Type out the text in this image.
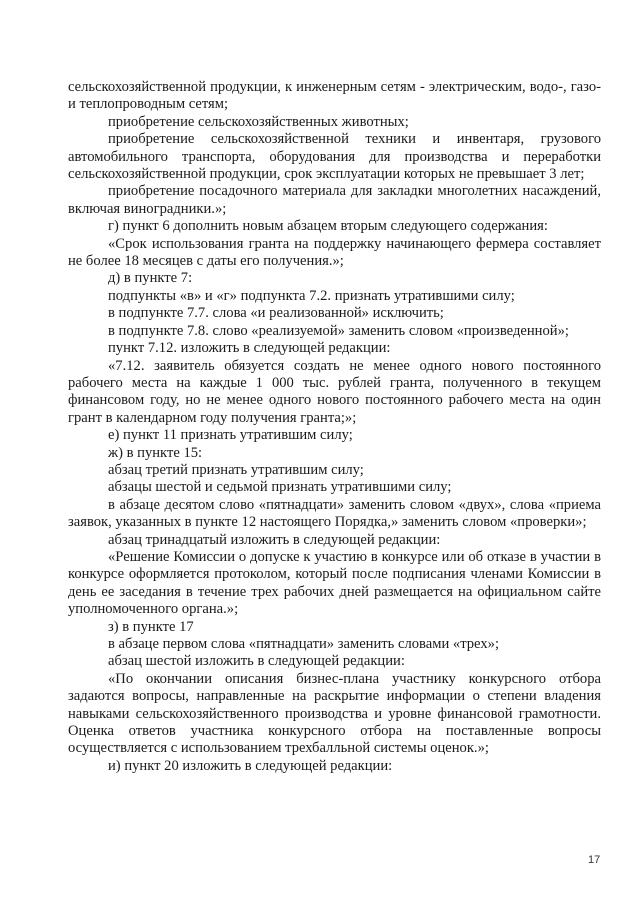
сельскохозяйственной продукции, к инженерным сетям - электрическим, водо-, газо- и теплопроводным сетям;

приобретение сельскохозяйственных животных;

приобретение сельскохозяйственной техники и инвентаря, грузового автомобильного транспорта, оборудования для производства и переработки сельскохозяйственной продукции, срок эксплуатации которых не превышает 3 лет;

приобретение посадочного материала для закладки многолетних насаждений, включая виноградники.»;

г) пункт 6 дополнить новым абзацем вторым следующего содержания:

«Срок использования гранта на поддержку начинающего фермера составляет не более 18 месяцев с даты его получения.»;

д) в пункте 7:

подпункты «в» и «г» подпункта 7.2. признать утратившими силу;

в подпункте 7.7. слова «и реализованной» исключить;

в подпункте 7.8. слово «реализуемой» заменить словом «произведенной»;

пункт 7.12. изложить в следующей редакции:

«7.12. заявитель обязуется создать не менее одного нового постоянного рабочего места на каждые 1 000 тыс. рублей гранта, полученного в текущем финансовом году, но не менее одного нового постоянного рабочего места на один грант в календарном году получения гранта;»;

е) пункт 11 признать утратившим силу;

ж) в пункте 15:

абзац третий признать утратившим силу;

абзацы шестой и седьмой признать утратившими силу;

в абзаце десятом слово «пятнадцати» заменить словом «двух», слова «приема заявок, указанных в пункте 12 настоящего Порядка,» заменить словом «проверки»;

абзац тринадцатый изложить в следующей редакции:

«Решение Комиссии о допуске к участию в конкурсе или об отказе в участии в конкурсе оформляется протоколом, который после подписания членами Комиссии в день ее заседания в течение трех рабочих дней размещается на официальном сайте уполномоченного органа.»;

з) в пункте 17

в абзаце первом слова «пятнадцати» заменить словами «трех»;

абзац шестой изложить в следующей редакции:

«По окончании описания бизнес-плана участнику конкурсного отбора задаются вопросы, направленные на раскрытие информации о степени владения навыками сельскохозяйственного производства и уровне финансовой грамотности. Оценка ответов участника конкурсного отбора на поставленные вопросы осуществляется с использованием трехбалльной системы оценок.»;

и) пункт 20 изложить в следующей редакции:

17
